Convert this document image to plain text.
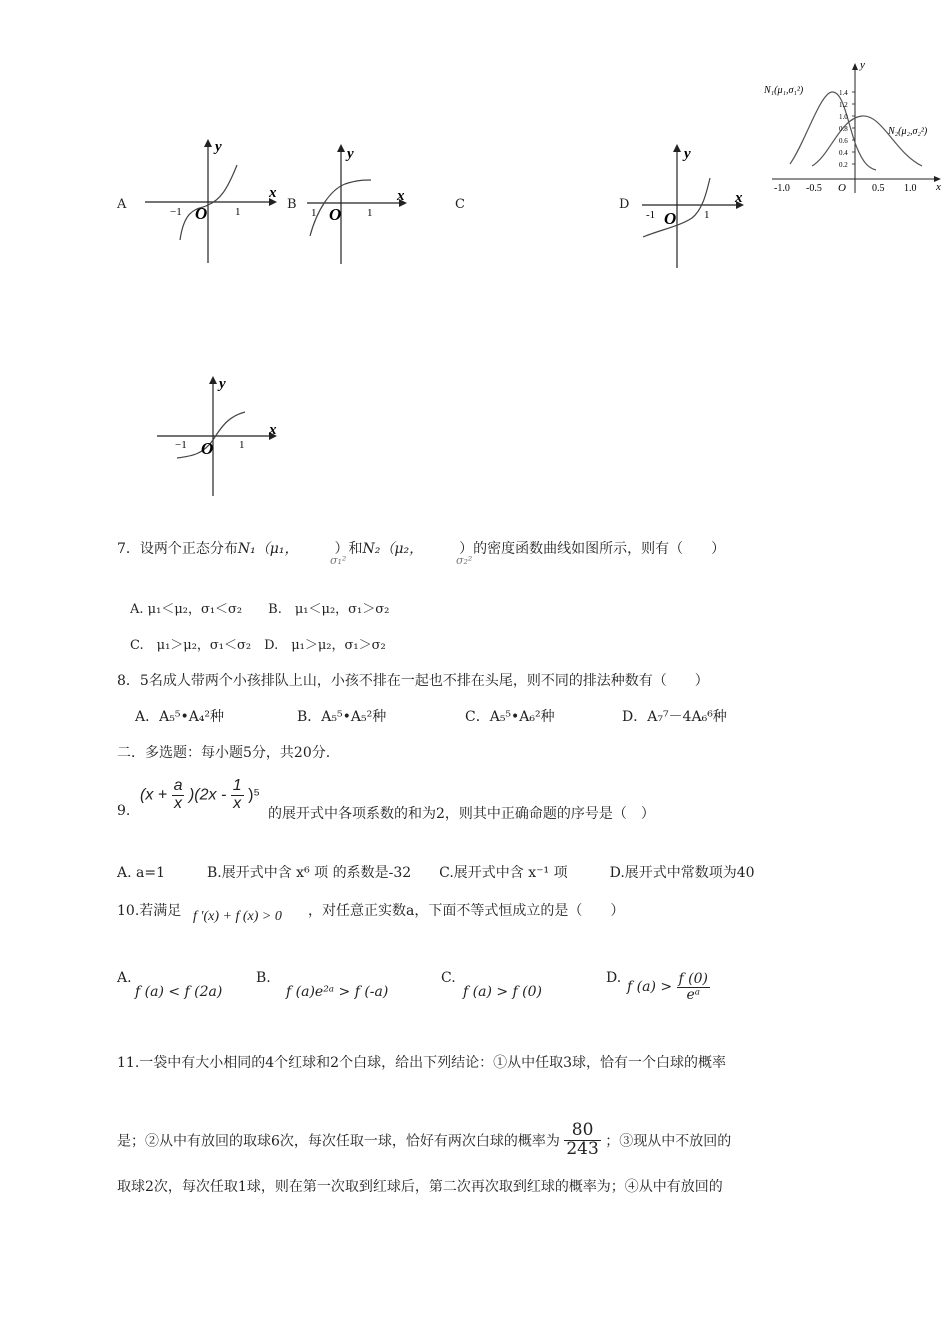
A	B	C	D
y
x
O
−1	1
y
x
O
1	1
y
x
O
-1	1
y
x
O
N₁(μ₁,σ₁²)
N₂(μ₂,σ₂²)
1.4
1.2
1.0
0.8
0.6
0.4
0.2
-1.0 -0.5	0.5 1.0
y
x
O
−1	1
7．设两个正态分布N₁（μ₁，	）和N₂（μ₂，	）的密度函数曲线如图所示，则有（　　）
σ₁²	σ₂²
A. μ₁＜μ₂，σ₁＜σ₂　　B.　μ₁＜μ₂，σ₁＞σ₂
C.　μ₁＞μ₂，σ₁＜σ₂　D.　μ₁＞μ₂，σ₁＞σ₂
8．5名成人带两个小孩排队上山，小孩不排在一起也不排在头尾，则不同的排法种数有（　　）
A．A₅⁵•A₄²种	B．A₅⁵•A₅²种	C．A₅⁵•A₆²种	D．A₇⁷－4A₆⁶种
二．多选题：每小题5分，共20分.
9.
$(x + \frac{a}{x} )(2x - \frac{1}{x} )^5$
的展开式中各项系数的和为2，则其中正确命题的序号是（　）
A. a=1　　　B.展开式中含 x⁶ 项 的系数是-32　　C.展开式中含 x⁻¹ 项　　　D.展开式中常数项为40
10.若满足 f ′(x) + f (x) > 0 ，对任意正实数a，下面不等式恒成立的是（　　）
A.
f (a) < f (2a)
B.
f (a)e²ᵃ > f (-a)
C.
f (a) > f (0)
D.
f $(a) > \frac{f (0)}{\text{eᵃ}}$
11.一袋中有大小相同的4个红球和2个白球，给出下列结论：①从中任取3球，恰有一个白球的概率
是；②从中有放回的取球6次，每次任取一球，恰好有两次白球的概率为 $\frac{80}{243}$ ；③现从中不放回的
取球2次，每次任取1球，则在第一次取到红球后，第二次再次取到红球的概率为；④从中有放回的
